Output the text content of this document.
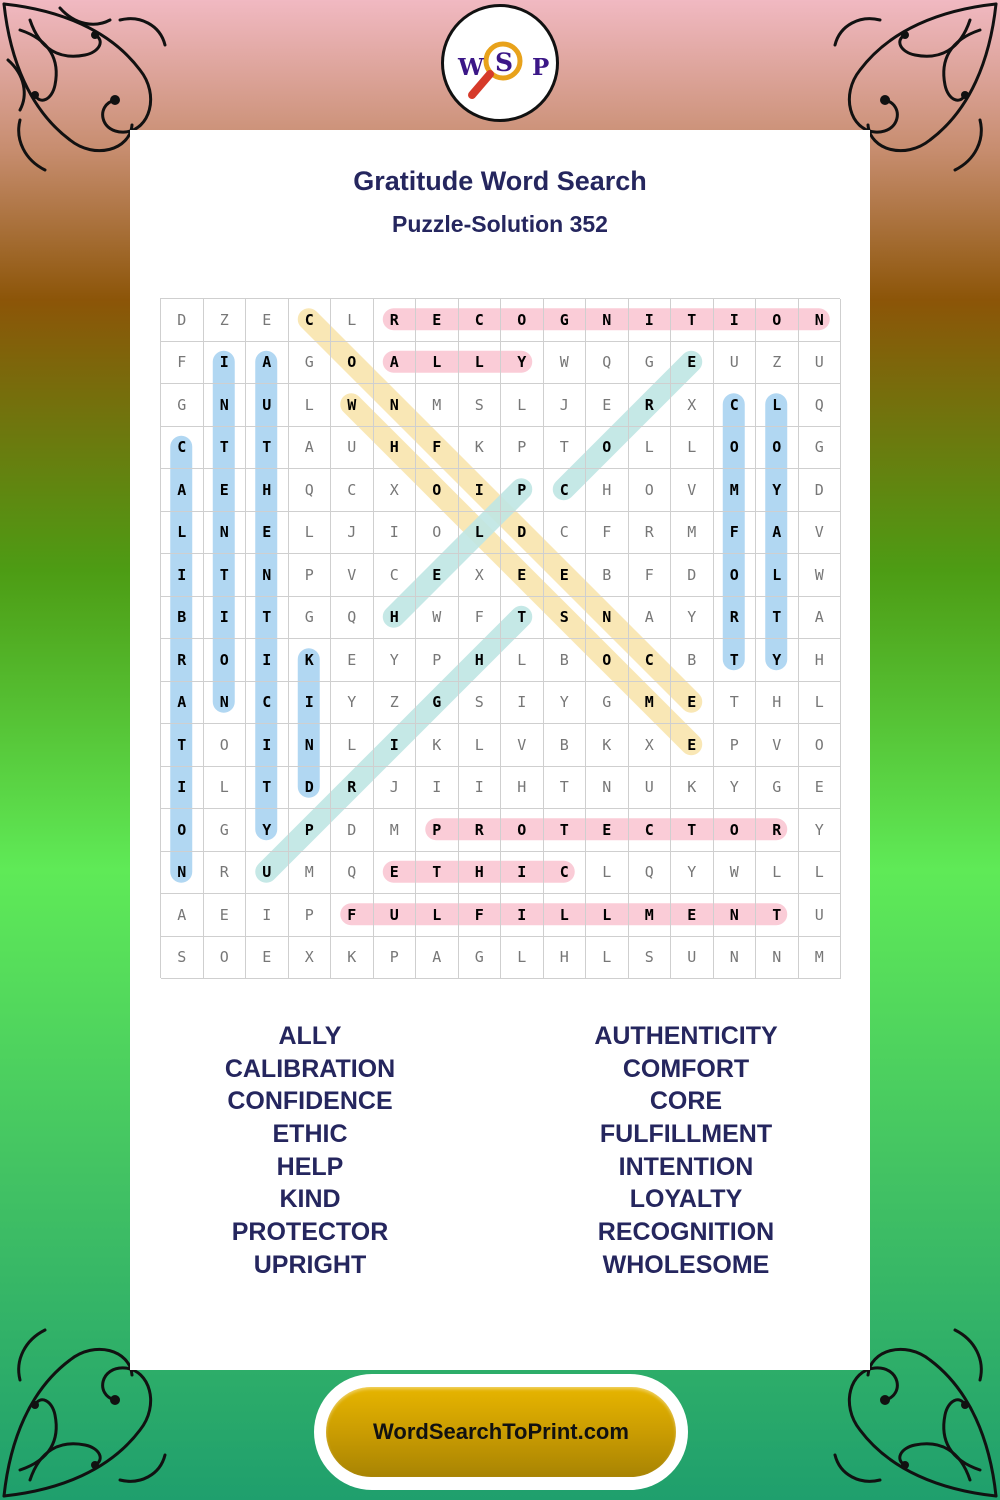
W S P
Gratitude Word Search
Puzzle-Solution 352
D	Z	E	C	L	R	E	C	O	G	N	I	T	I	O	N
F	I	A	G	O	A	L	L	Y	W	Q	G	E	U	Z	U
G	N	U	L	W	N	M	S	L	J	E	R	X	C	L	Q
C	T	T	A	U	H	F	K	P	T	O	L	L	O	O	G
A	E	H	Q	C	X	O	I	P	C	H	O	V	M	Y	D
L	N	E	L	J	I	O	L	D	C	F	R	M	F	A	V
I	T	N	P	V	C	E	X	E	E	B	F	D	O	L	W
B	I	T	G	Q	H	W	F	T	S	N	A	Y	R	T	A
R	O	I	K	E	Y	P	H	L	B	O	C	B	T	Y	H
A	N	C	I	Y	Z	G	S	I	Y	G	M	E	T	H	L
T	O	I	N	L	I	K	L	V	B	K	X	E	P	V	O
I	L	T	D	R	J	I	I	H	T	N	U	K	Y	G	E
O	G	Y	P	D	M	P	R	O	T	E	C	T	O	R	Y
N	R	U	M	Q	E	T	H	I	C	L	Q	Y	W	L	L
A	E	I	P	F	U	L	F	I	L	L	M	E	N	T	U
S	O	E	X	K	P	A	G	L	H	L	S	U	N	N	M
ALLY
CALIBRATION
CONFIDENCE
ETHIC
HELP
KIND
PROTECTOR
UPRIGHT
AUTHENTICITY
COMFORT
CORE
FULFILLMENT
INTENTION
LOYALTY
RECOGNITION
WHOLESOME
WordSearchToPrint.com
